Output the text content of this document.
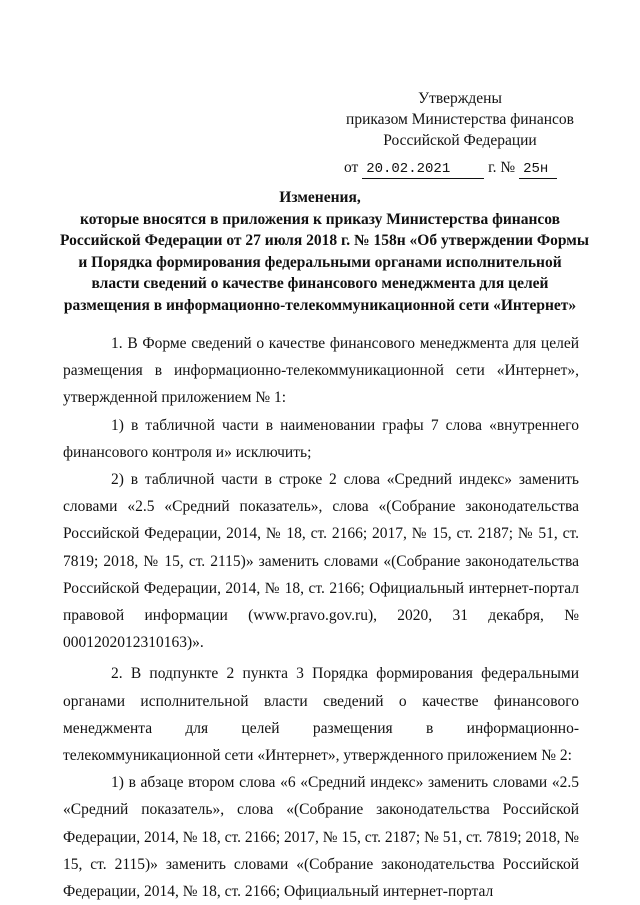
Утверждены
приказом Министерства финансов
Российской Федерации
от 20.02.2021 г. № 25н
Изменения,
которые вносятся в приложения к приказу Министерства финансов
Российской Федерации от 27 июля 2018 г. № 158н «Об утверждении Формы
и Порядка формирования федеральными органами исполнительной
власти сведений о качестве финансового менеджмента для целей
размещения в информационно-телекоммуникационной сети «Интернет»

1. В Форме сведений о качестве финансового менеджмента для целей размещения в информационно-телекоммуникационной сети «Интернет», утвержденной приложением № 1:

1) в табличной части в наименовании графы 7 слова «внутреннего финансового контроля и» исключить;

2) в табличной части в строке 2 слова «Средний индекс» заменить словами «2.5 «Средний показатель», слова «(Собрание законодательства Российской Федерации, 2014, № 18, ст. 2166; 2017, № 15, ст. 2187; № 51, ст. 7819; 2018, № 15, ст. 2115)» заменить словами «(Собрание законодательства Российской Федерации, 2014, № 18, ст. 2166; Официальный интернет-портал правовой информации (www.pravo.gov.ru), 2020, 31 декабря, № 0001202012310163)».

2. В подпункте 2 пункта 3 Порядка формирования федеральными органами исполнительной власти сведений о качестве финансового менеджмента для целей размещения в информационно-телекоммуникационной сети «Интернет», утвержденного приложением № 2:

1) в абзаце втором слова «6 «Средний индекс» заменить словами «2.5 «Средний показатель», слова «(Собрание законодательства Российской Федерации, 2014, № 18, ст. 2166; 2017, № 15, ст. 2187; № 51, ст. 7819; 2018, № 15, ст. 2115)» заменить словами «(Собрание законодательства Российской Федерации, 2014, № 18, ст. 2166; Официальный интернет-портал
